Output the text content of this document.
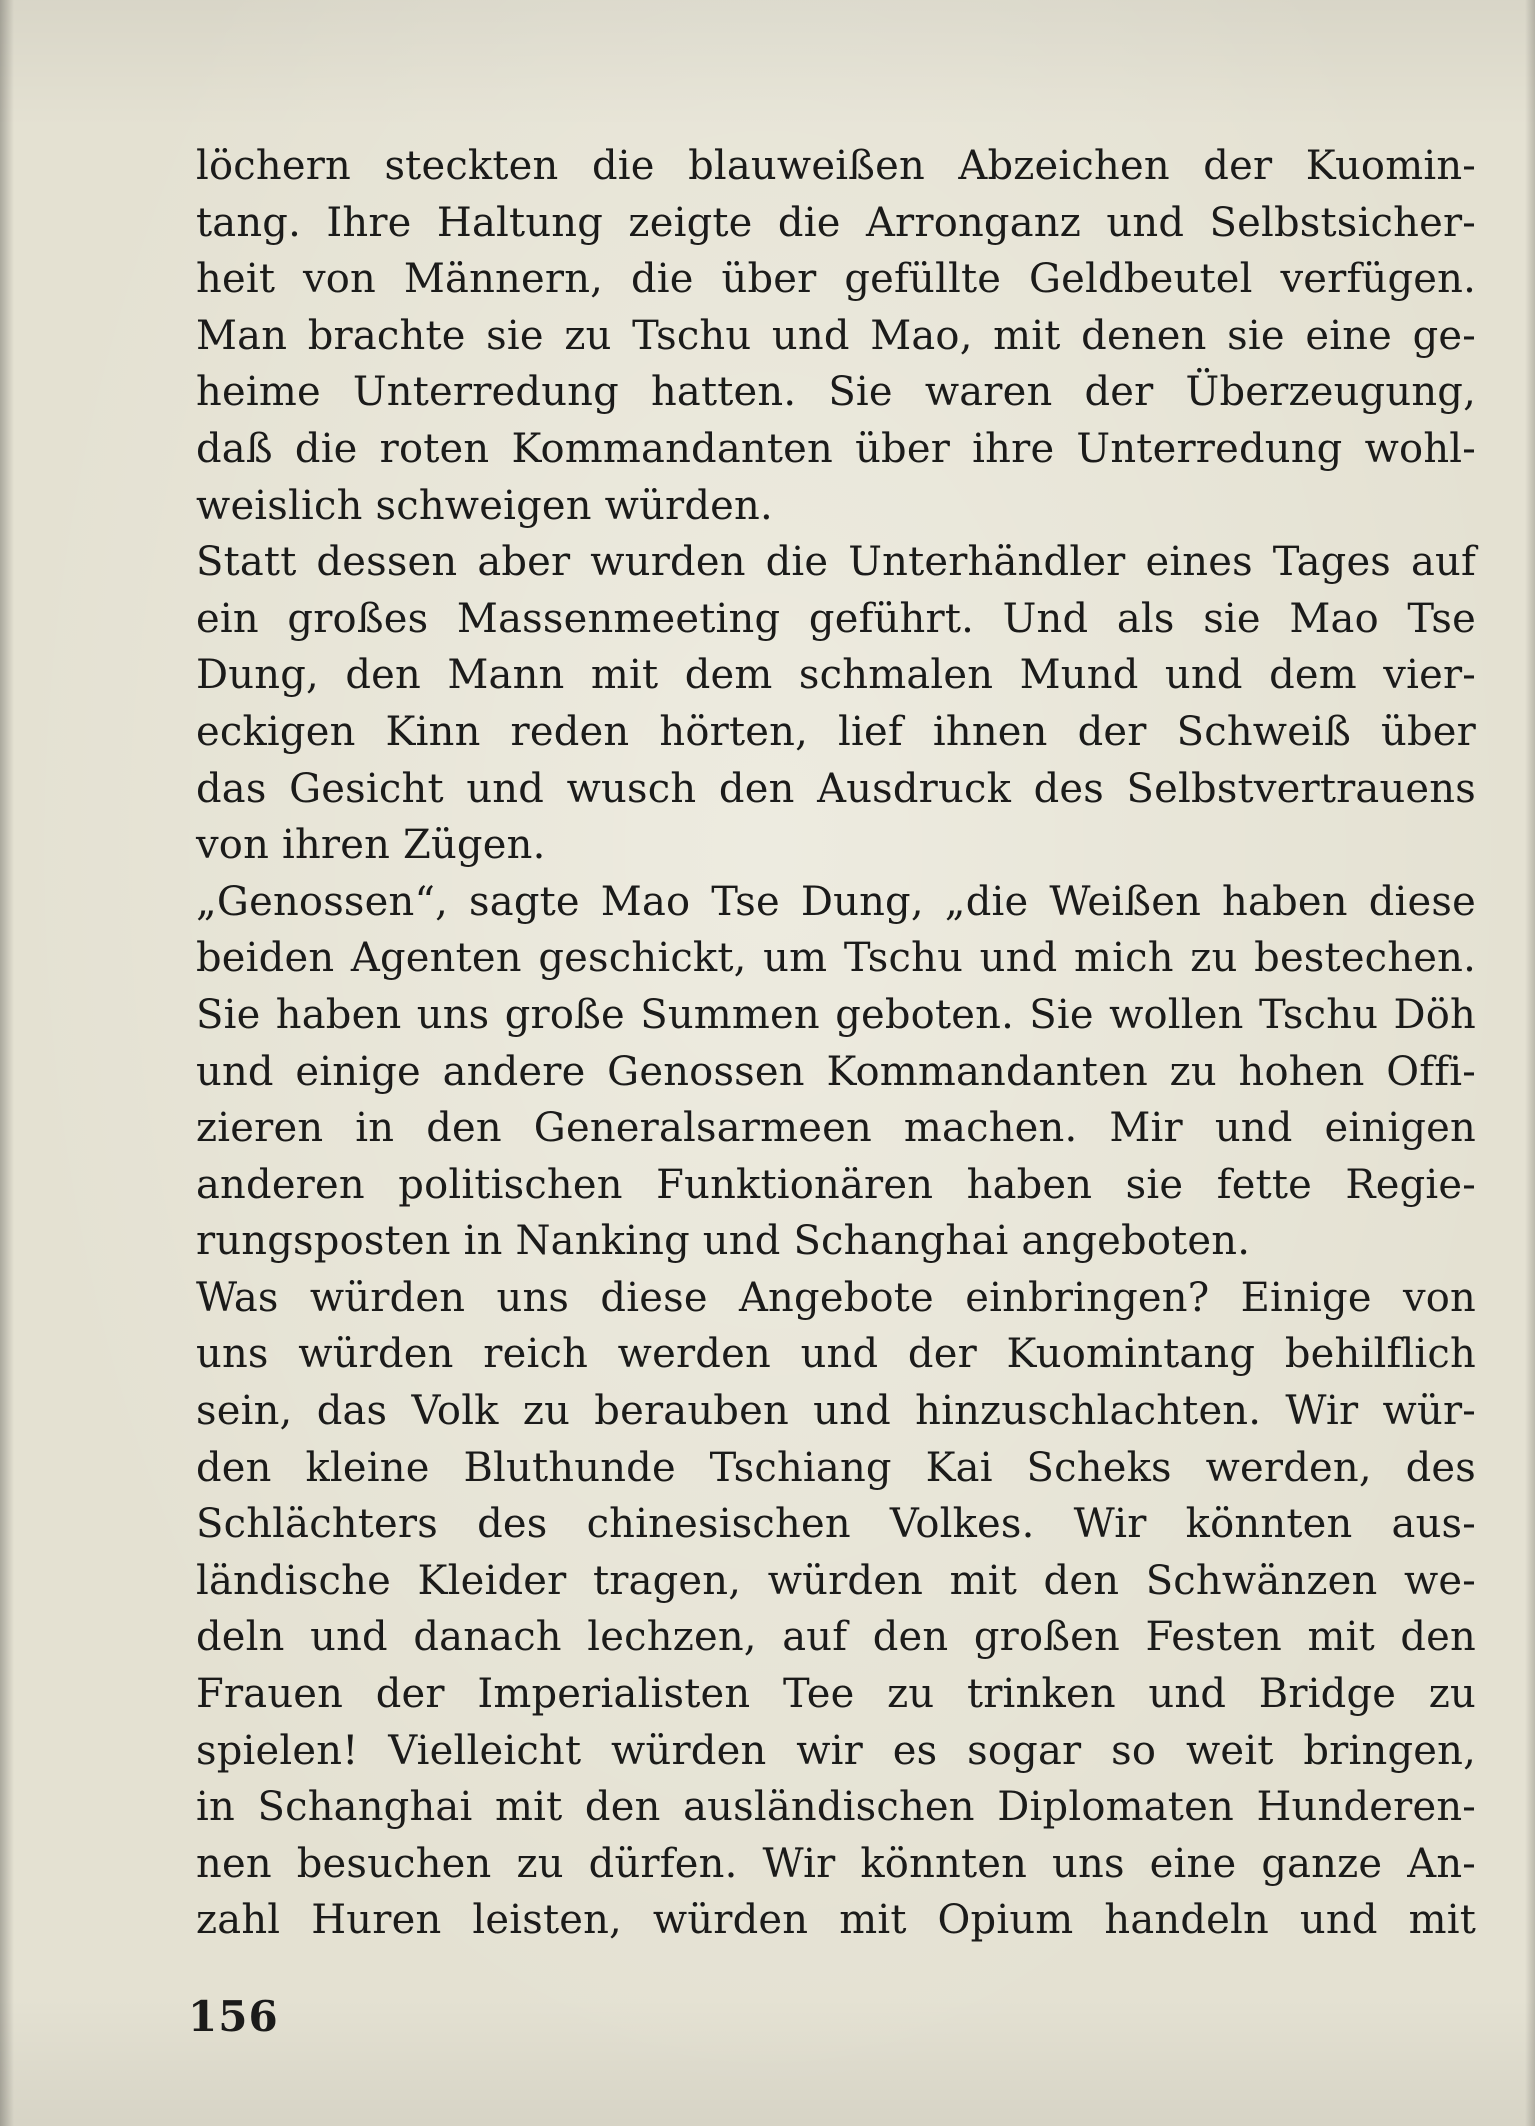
löchern steckten die blauweißen Abzeichen der Kuomin-
tang. Ihre Haltung zeigte die Arronganz und Selbstsicher-
heit von Männern, die über gefüllte Geldbeutel verfügen.
Man brachte sie zu Tschu und Mao, mit denen sie eine ge-
heime Unterredung hatten. Sie waren der Überzeugung,
daß die roten Kommandanten über ihre Unterredung wohl-
weislich schweigen würden.
Statt dessen aber wurden die Unterhändler eines Tages auf
ein großes Massenmeeting geführt. Und als sie Mao Tse
Dung, den Mann mit dem schmalen Mund und dem vier-
eckigen Kinn reden hörten, lief ihnen der Schweiß über
das Gesicht und wusch den Ausdruck des Selbstvertrauens
von ihren Zügen.
„Genossen“, sagte Mao Tse Dung, „die Weißen haben diese
beiden Agenten geschickt, um Tschu und mich zu bestechen.
Sie haben uns große Summen geboten. Sie wollen Tschu Döh
und einige andere Genossen Kommandanten zu hohen Offi-
zieren in den Generalsarmeen machen. Mir und einigen
anderen politischen Funktionären haben sie fette Regie-
rungsposten in Nanking und Schanghai angeboten.
Was würden uns diese Angebote einbringen? Einige von
uns würden reich werden und der Kuomintang behilflich
sein, das Volk zu berauben und hinzuschlachten. Wir wür-
den kleine Bluthunde Tschiang Kai Scheks werden, des
Schlächters des chinesischen Volkes. Wir könnten aus-
ländische Kleider tragen, würden mit den Schwänzen we-
deln und danach lechzen, auf den großen Festen mit den
Frauen der Imperialisten Tee zu trinken und Bridge zu
spielen! Vielleicht würden wir es sogar so weit bringen,
in Schanghai mit den ausländischen Diplomaten Hunderen-
nen besuchen zu dürfen. Wir könnten uns eine ganze An-
zahl Huren leisten, würden mit Opium handeln und mit
156
